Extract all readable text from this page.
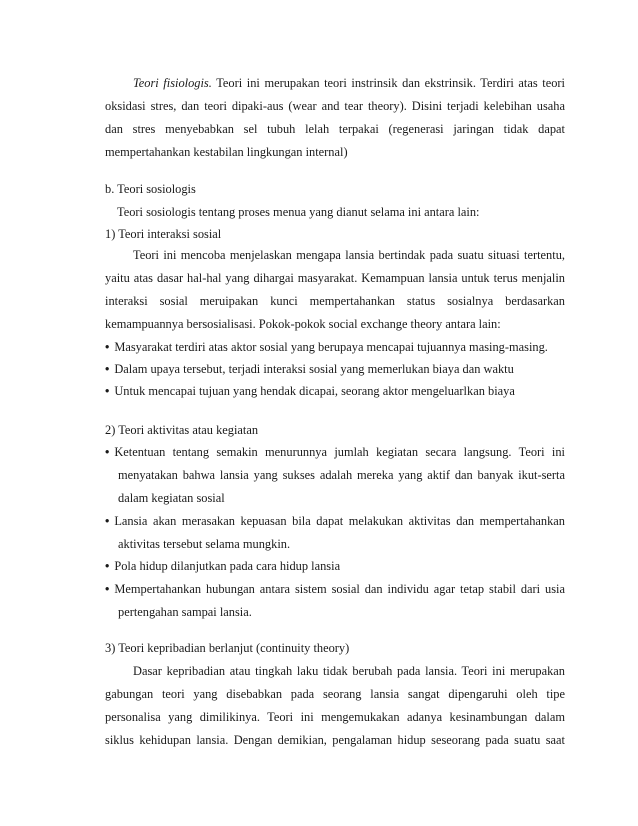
Teori fisiologis. Teori ini merupakan teori instrinsik dan ekstrinsik. Terdiri atas teori
oksidasi stres, dan teori dipaki-aus (wear and tear theory). Disini terjadi kelebihan usaha
dan stres menyebabkan sel tubuh lelah terpakai (regenerasi jaringan tidak dapat
mempertahankan kestabilan lingkungan internal)
b. Teori sosiologis
Teori sosiologis tentang proses menua yang dianut selama ini antara lain:
1) Teori interaksi sosial
Teori ini mencoba menjelaskan mengapa lansia bertindak pada suatu situasi tertentu,
yaitu atas dasar hal-hal yang dihargai masyarakat. Kemampuan lansia untuk terus menjalin
interaksi sosial meruipakan kunci mempertahankan status sosialnya berdasarkan
kemampuannya bersosialisasi. Pokok-pokok social exchange theory antara lain:
• Masyarakat terdiri atas aktor sosial yang berupaya mencapai tujuannya masing-masing.
• Dalam upaya tersebut, terjadi interaksi sosial yang memerlukan biaya dan waktu
• Untuk mencapai tujuan yang hendak dicapai, seorang aktor mengeluarlkan biaya
2) Teori aktivitas atau kegiatan
• Ketentuan tentang semakin menurunnya jumlah kegiatan secara langsung. Teori ini
menyatakan bahwa lansia yang sukses adalah mereka yang aktif dan banyak ikut-serta
dalam kegiatan sosial
• Lansia akan merasakan kepuasan bila dapat melakukan aktivitas dan mempertahankan
aktivitas tersebut selama mungkin.
• Pola hidup dilanjutkan pada cara hidup lansia
• Mempertahankan hubungan antara sistem sosial dan individu agar tetap stabil dari usia
pertengahan sampai lansia.
3) Teori kepribadian berlanjut (continuity theory)
Dasar kepribadian atau tingkah laku tidak berubah pada lansia. Teori ini merupakan
gabungan teori yang disebabkan pada seorang lansia sangat dipengaruhi oleh tipe
personalisa yang dimilikinya. Teori ini mengemukakan adanya kesinambungan dalam
siklus kehidupan lansia. Dengan demikian, pengalaman hidup seseorang pada suatu saat
